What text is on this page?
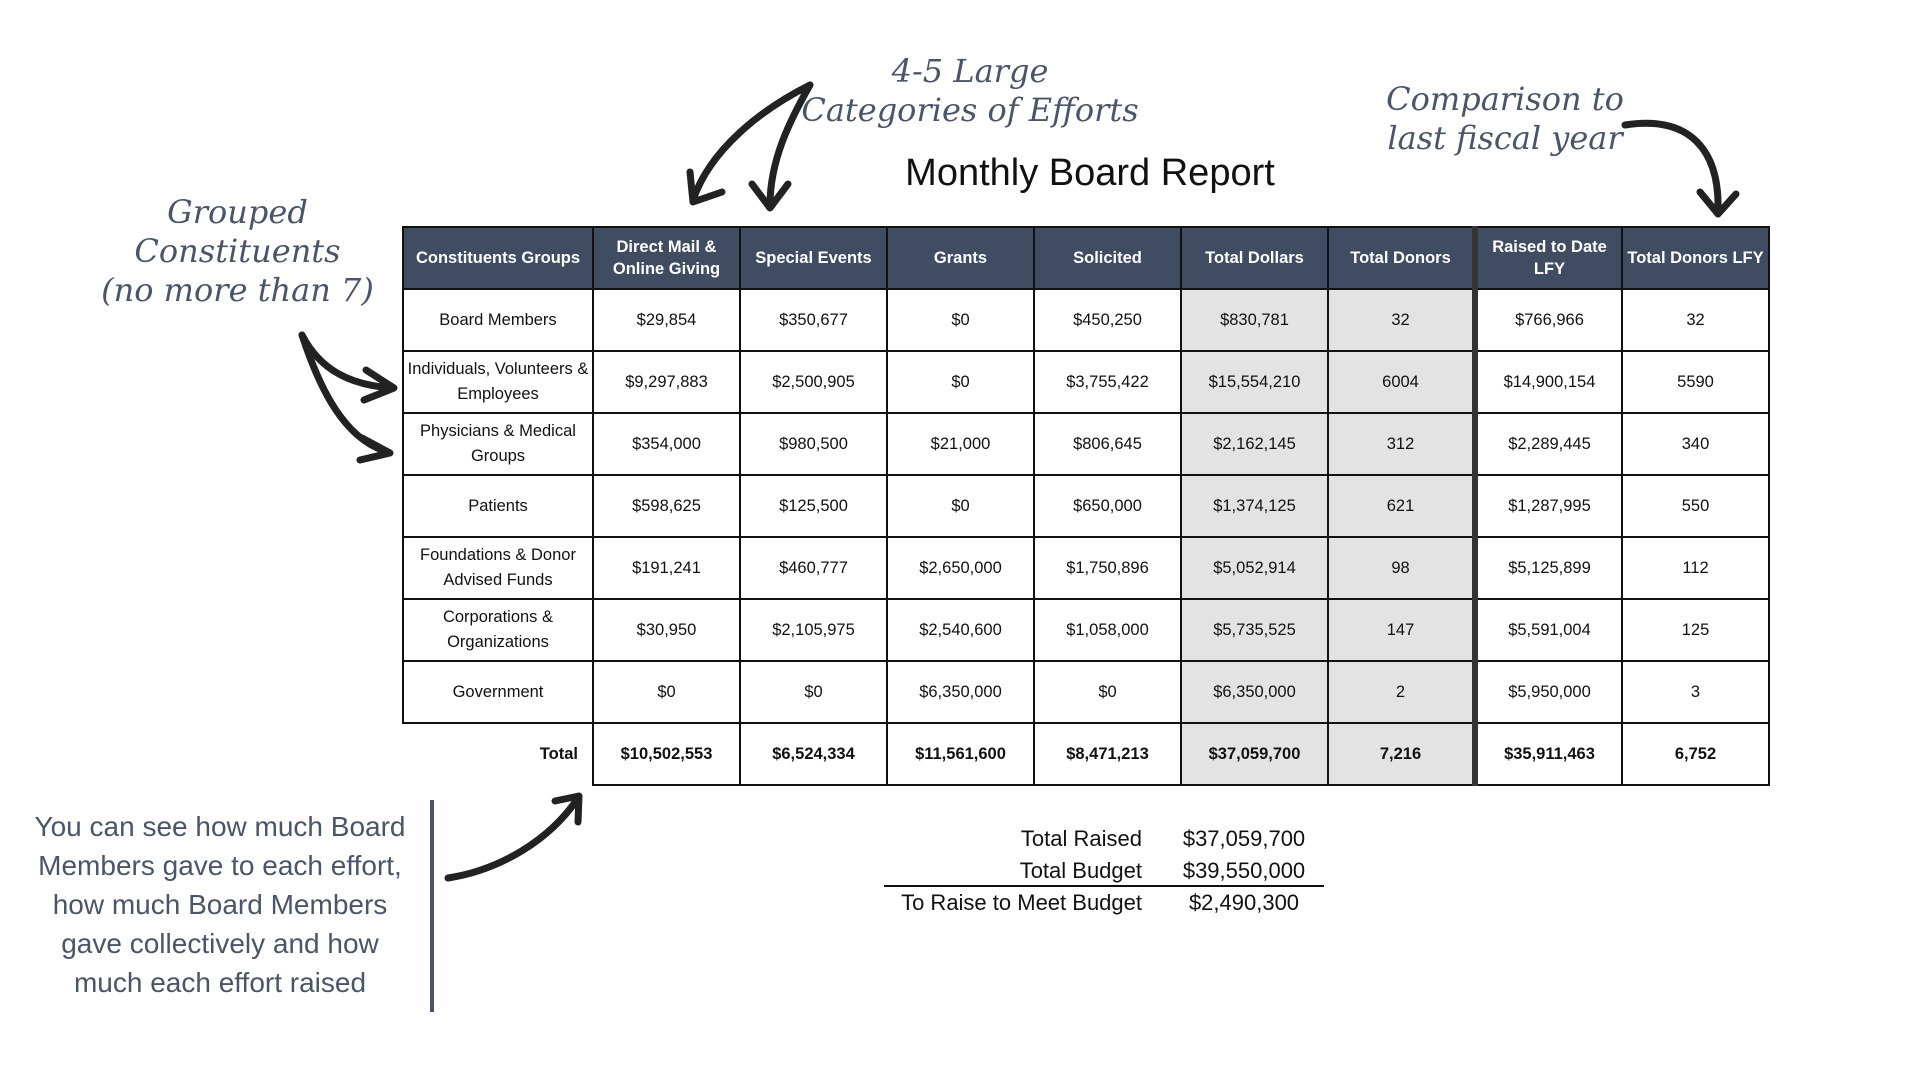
4-5 Large
Categories of Efforts	Comparison to
last fiscal year
Grouped
Constituents
(no more than 7)
Monthly Board Report
Constituents Groups	Direct Mail & Online Giving	Special Events	Grants	Solicited	Total Dollars	Total Donors	Raised to Date LFY	Total Donors LFY
Board Members	$29,854	$350,677	$0	$450,250	$830,781	32	$766,966	32
Individuals, Volunteers & Employees	$9,297,883	$2,500,905	$0	$3,755,422	$15,554,210	6004	$14,900,154	5590
Physicians & Medical Groups	$354,000	$980,500	$21,000	$806,645	$2,162,145	312	$2,289,445	340
Patients	$598,625	$125,500	$0	$650,000	$1,374,125	621	$1,287,995	550
Foundations & Donor Advised Funds	$191,241	$460,777	$2,650,000	$1,750,896	$5,052,914	98	$5,125,899	112
Corporations & Organizations	$30,950	$2,105,975	$2,540,600	$1,058,000	$5,735,525	147	$5,591,004	125
Government	$0	$0	$6,350,000	$0	$6,350,000	2	$5,950,000	3
Total	$10,502,553	$6,524,334	$11,561,600	$8,471,213	$37,059,700	7,216	$35,911,463	6,752
Total Raised	$37,059,700
Total Budget	$39,550,000
To Raise to Meet Budget	$2,490,300
You can see how much Board
Members gave to each effort,
how much Board Members
gave collectively and how
much each effort raised
